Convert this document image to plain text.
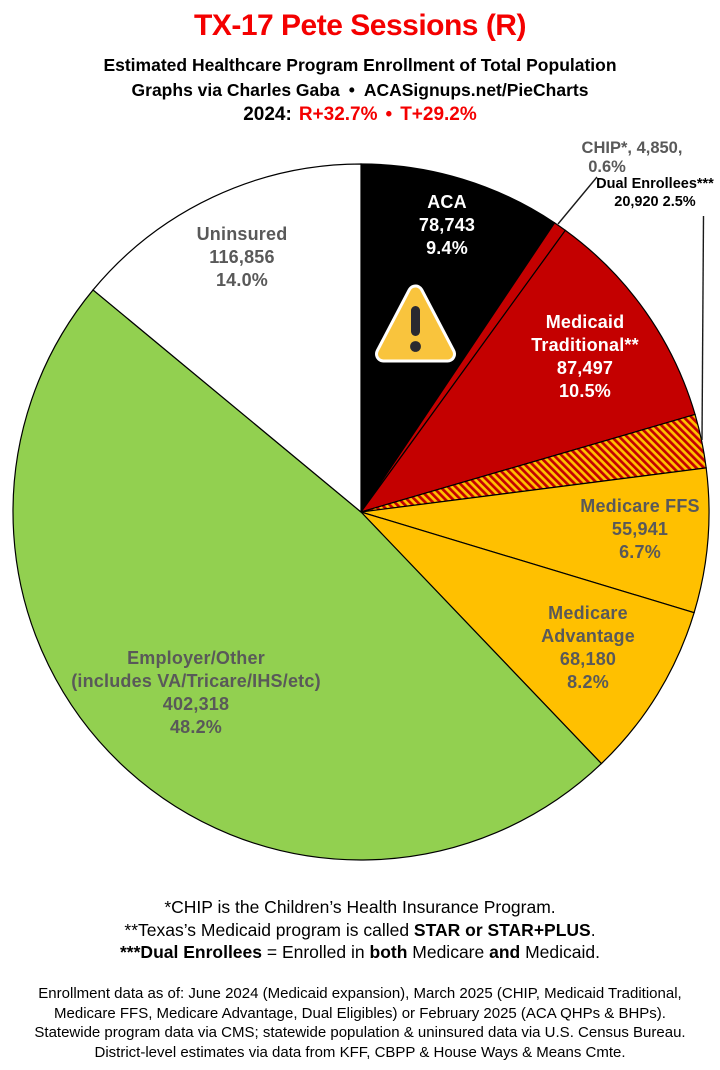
TX-17 Pete Sessions (R)
Estimated Healthcare Program Enrollment of Total Population
Graphs via Charles Gaba • ACASignups.net/PieCharts
2024: R+32.7% • T+29.2%
ACA
78,743
9.4%
Uninsured
116,856
14.0%
Medicaid
Traditional**
87,497
10.5%
Medicare FFS
55,941
6.7%
Medicare
Advantage
68,180
8.2%
Employer/Other
(includes VA/Tricare/IHS/etc)
402,318
48.2%
CHIP*, 4,850,
0.6%
Dual Enrollees***
20,920 2.5%
*CHIP is the Children’s Health Insurance Program.
**Texas’s Medicaid program is called STAR or STAR+PLUS.
***Dual Enrollees = Enrolled in both Medicare and Medicaid.
Enrollment data as of: June 2024 (Medicaid expansion), March 2025 (CHIP, Medicaid Traditional,
Medicare FFS, Medicare Advantage, Dual Eligibles) or February 2025 (ACA QHPs & BHPs).
Statewide program data via CMS; statewide population & uninsured data via U.S. Census Bureau.
District-level estimates via data from KFF, CBPP & House Ways & Means Cmte.
